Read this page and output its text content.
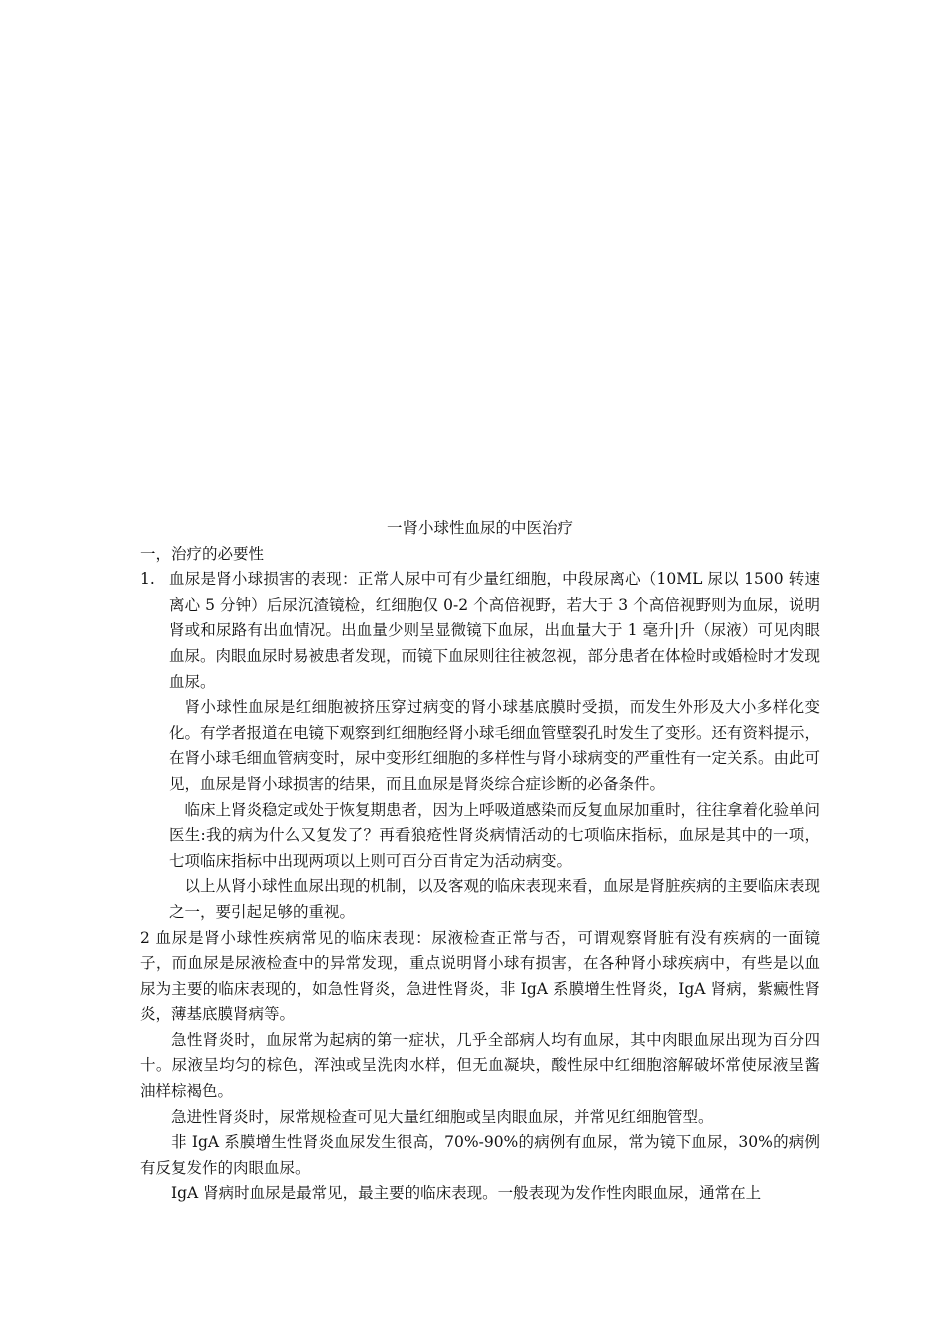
一肾小球性血尿的中医治疗

一，治疗的必要性

1. 血尿是肾小球损害的表现：正常人尿中可有少量红细胞，中段尿离心（10ML 尿以 1500 转速离心 5 分钟）后尿沉渣镜检，红细胞仅 0-2 个高倍视野，若大于 3 个高倍视野则为血尿，说明肾或和尿路有出血情况。出血量少则呈显微镜下血尿，出血量大于 1 毫升|升（尿液）可见肉眼血尿。肉眼血尿时易被患者发现，而镜下血尿则往往被忽视，部分患者在体检时或婚检时才发现血尿。

肾小球性血尿是红细胞被挤压穿过病变的肾小球基底膜时受损，而发生外形及大小多样化变化。有学者报道在电镜下观察到红细胞经肾小球毛细血管壁裂孔时发生了变形。还有资料提示，在肾小球毛细血管病变时，尿中变形红细胞的多样性与肾小球病变的严重性有一定关系。由此可见，血尿是肾小球损害的结果，而且血尿是肾炎综合症诊断的必备条件。

临床上肾炎稳定或处于恢复期患者，因为上呼吸道感染而反复血尿加重时，往往拿着化验单问医生:我的病为什么又复发了？再看狼疮性肾炎病情活动的七项临床指标，血尿是其中的一项，七项临床指标中出现两项以上则可百分百肯定为活动病变。

以上从肾小球性血尿出现的机制，以及客观的临床表现来看，血尿是肾脏疾病的主要临床表现之一，要引起足够的重视。

2 血尿是肾小球性疾病常见的临床表现：尿液检查正常与否，可谓观察肾脏有没有疾病的一面镜子，而血尿是尿液检查中的异常发现，重点说明肾小球有损害，在各种肾小球疾病中，有些是以血尿为主要的临床表现的，如急性肾炎，急进性肾炎，非 IgA 系膜增生性肾炎，IgA 肾病，紫癜性肾炎，薄基底膜肾病等。

急性肾炎时，血尿常为起病的第一症状，几乎全部病人均有血尿，其中肉眼血尿出现为百分四十。尿液呈均匀的棕色，浑浊或呈洗肉水样，但无血凝块，酸性尿中红细胞溶解破坏常使尿液呈酱油样棕褐色。

急进性肾炎时，尿常规检查可见大量红细胞或呈肉眼血尿，并常见红细胞管型。

非 IgA 系膜增生性肾炎血尿发生很高，70%-90%的病例有血尿，常为镜下血尿，30%的病例有反复发作的肉眼血尿。

IgA 肾病时血尿是最常见，最主要的临床表现。一般表现为发作性肉眼血尿，通常在上
